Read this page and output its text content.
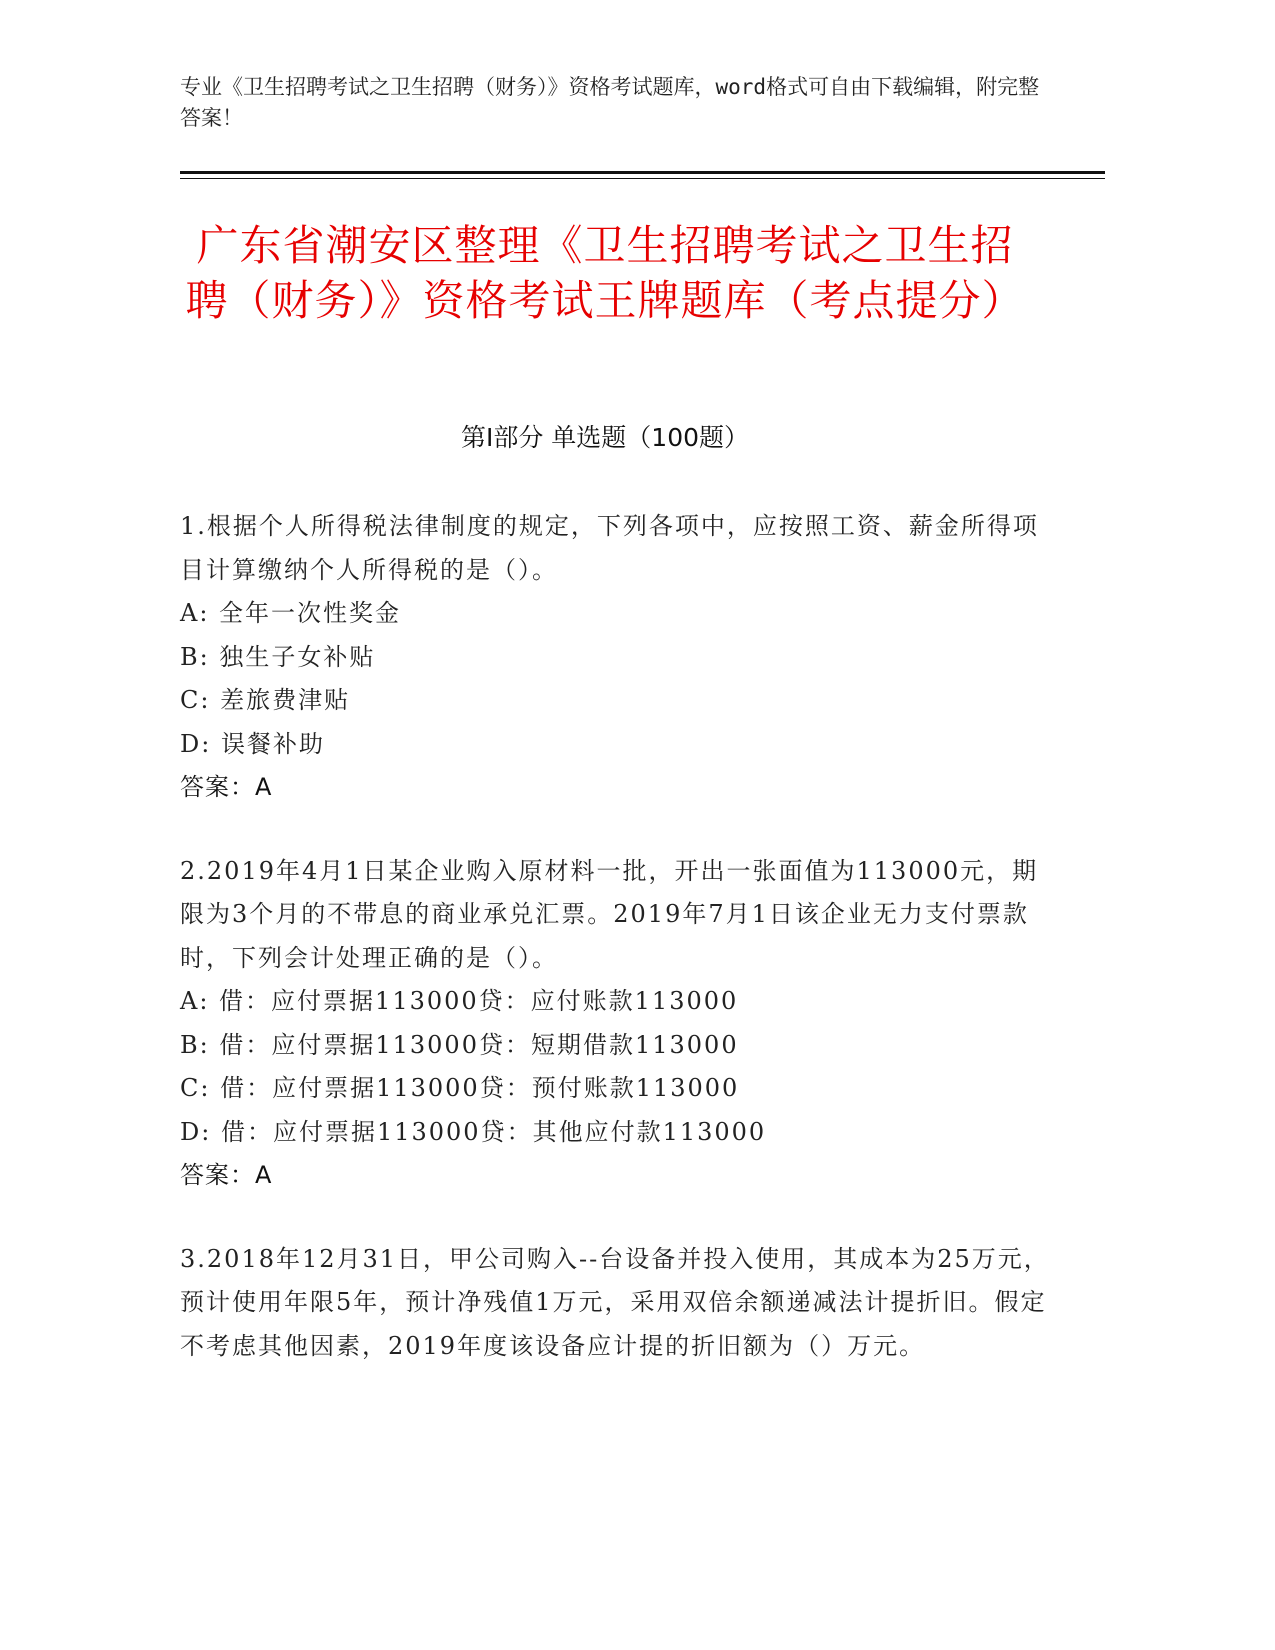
专业《卫生招聘考试之卫生招聘（财务）》资格考试题库，word格式可自由下载编辑，附完整答案！
广东省潮安区整理《卫生招聘考试之卫生招聘（财务）》资格考试王牌题库（考点提分）
第I部分 单选题（100题）
1.根据个人所得税法律制度的规定，下列各项中，应按照工资、薪金所得项目计算缴纳个人所得税的是（）。
A: 全年一次性奖金
B: 独生子女补贴
C: 差旅费津贴
D: 误餐补助
答案：A
2.2019年4月1日某企业购入原材料一批，开出一张面值为113000元，期限为3个月的不带息的商业承兑汇票。2019年7月1日该企业无力支付票款时，下列会计处理正确的是（）。
A: 借：应付票据113000贷：应付账款113000
B: 借：应付票据113000贷：短期借款113000
C: 借：应付票据113000贷：预付账款113000
D: 借：应付票据113000贷：其他应付款113000
答案：A
3.2018年12月31日，甲公司购入--台设备并投入使用，其成本为25万元，预计使用年限5年，预计净残值1万元，采用双倍余额递减法计提折旧。假定不考虑其他因素，2019年度该设备应计提的折旧额为（）万元。
